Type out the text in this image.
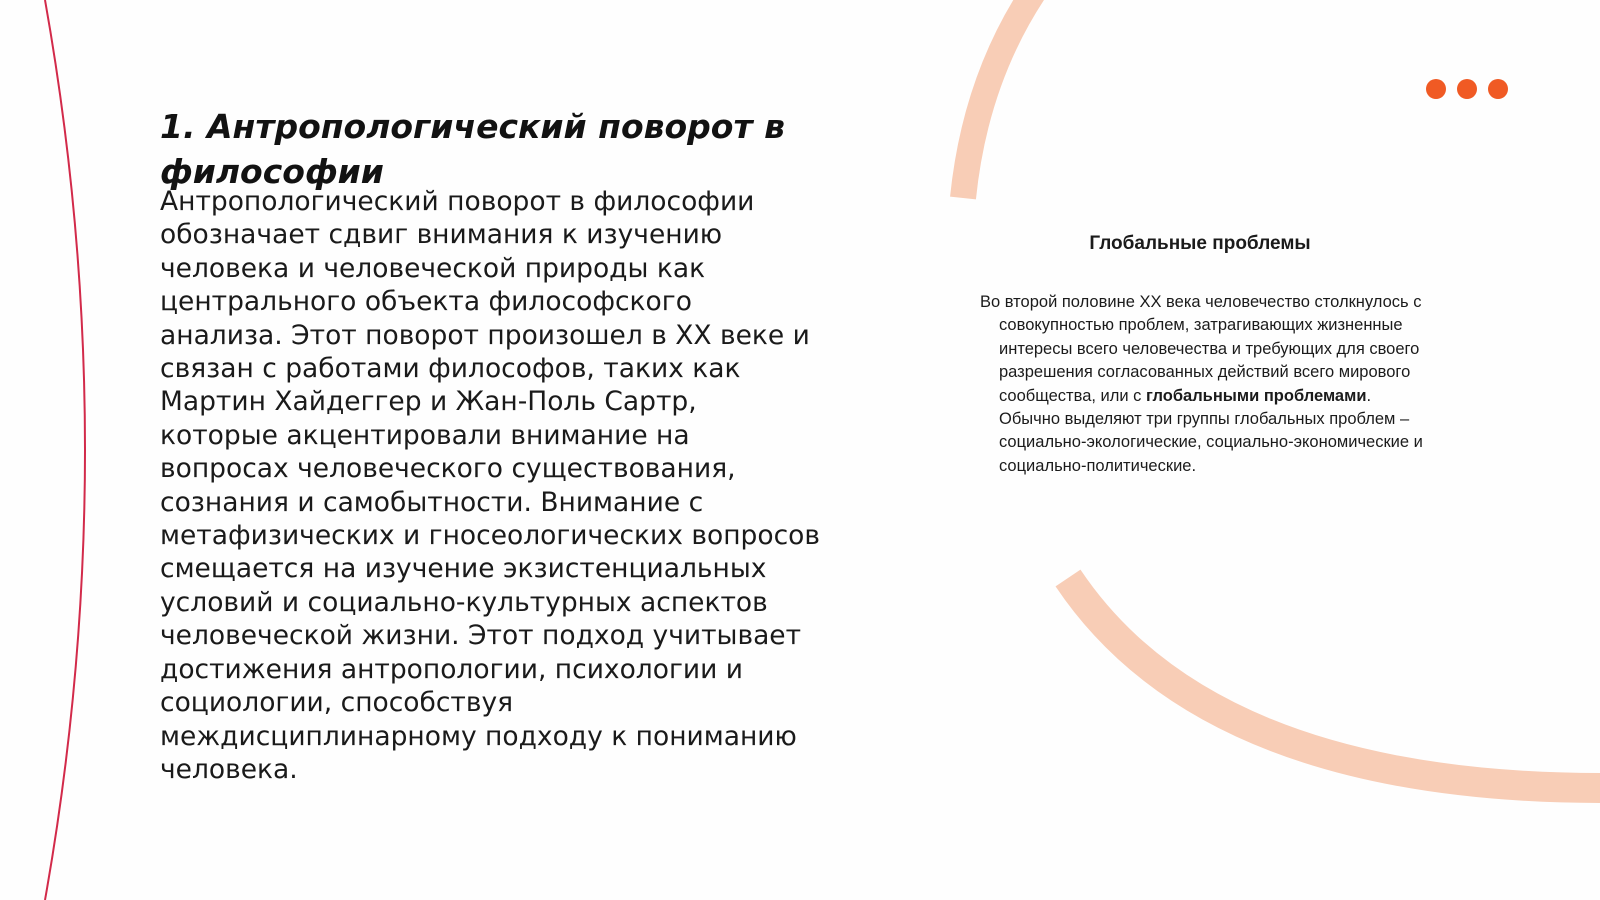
1. Антропологический поворот в философии

Антропологический поворот в философии обозначает сдвиг внимания к изучению человека и человеческой природы как центрального объекта философского анализа. Этот поворот произошел в XX веке и связан с работами философов, таких как Мартин Хайдеггер и Жан-Поль Сартр, которые акцентировали внимание на вопросах человеческого существования, сознания и самобытности. Внимание с метафизических и гносеологических вопросов смещается на изучение экзистенциальных условий и социально-культурных аспектов человеческой жизни. Этот подход учитывает достижения антропологии, психологии и социологии, способствуя междисциплинарному подходу к пониманию человека.

Глобальные проблемы

Во второй половине XX века человечество столкнулось с совокупностью проблем, затрагивающих жизненные интересы всего человечества и требующих для своего разрешения согласованных действий всего мирового сообщества, или с глобальными проблемами. Обычно выделяют три группы глобальных проблем – социально-экологические, социально-экономические и социально-политические.
